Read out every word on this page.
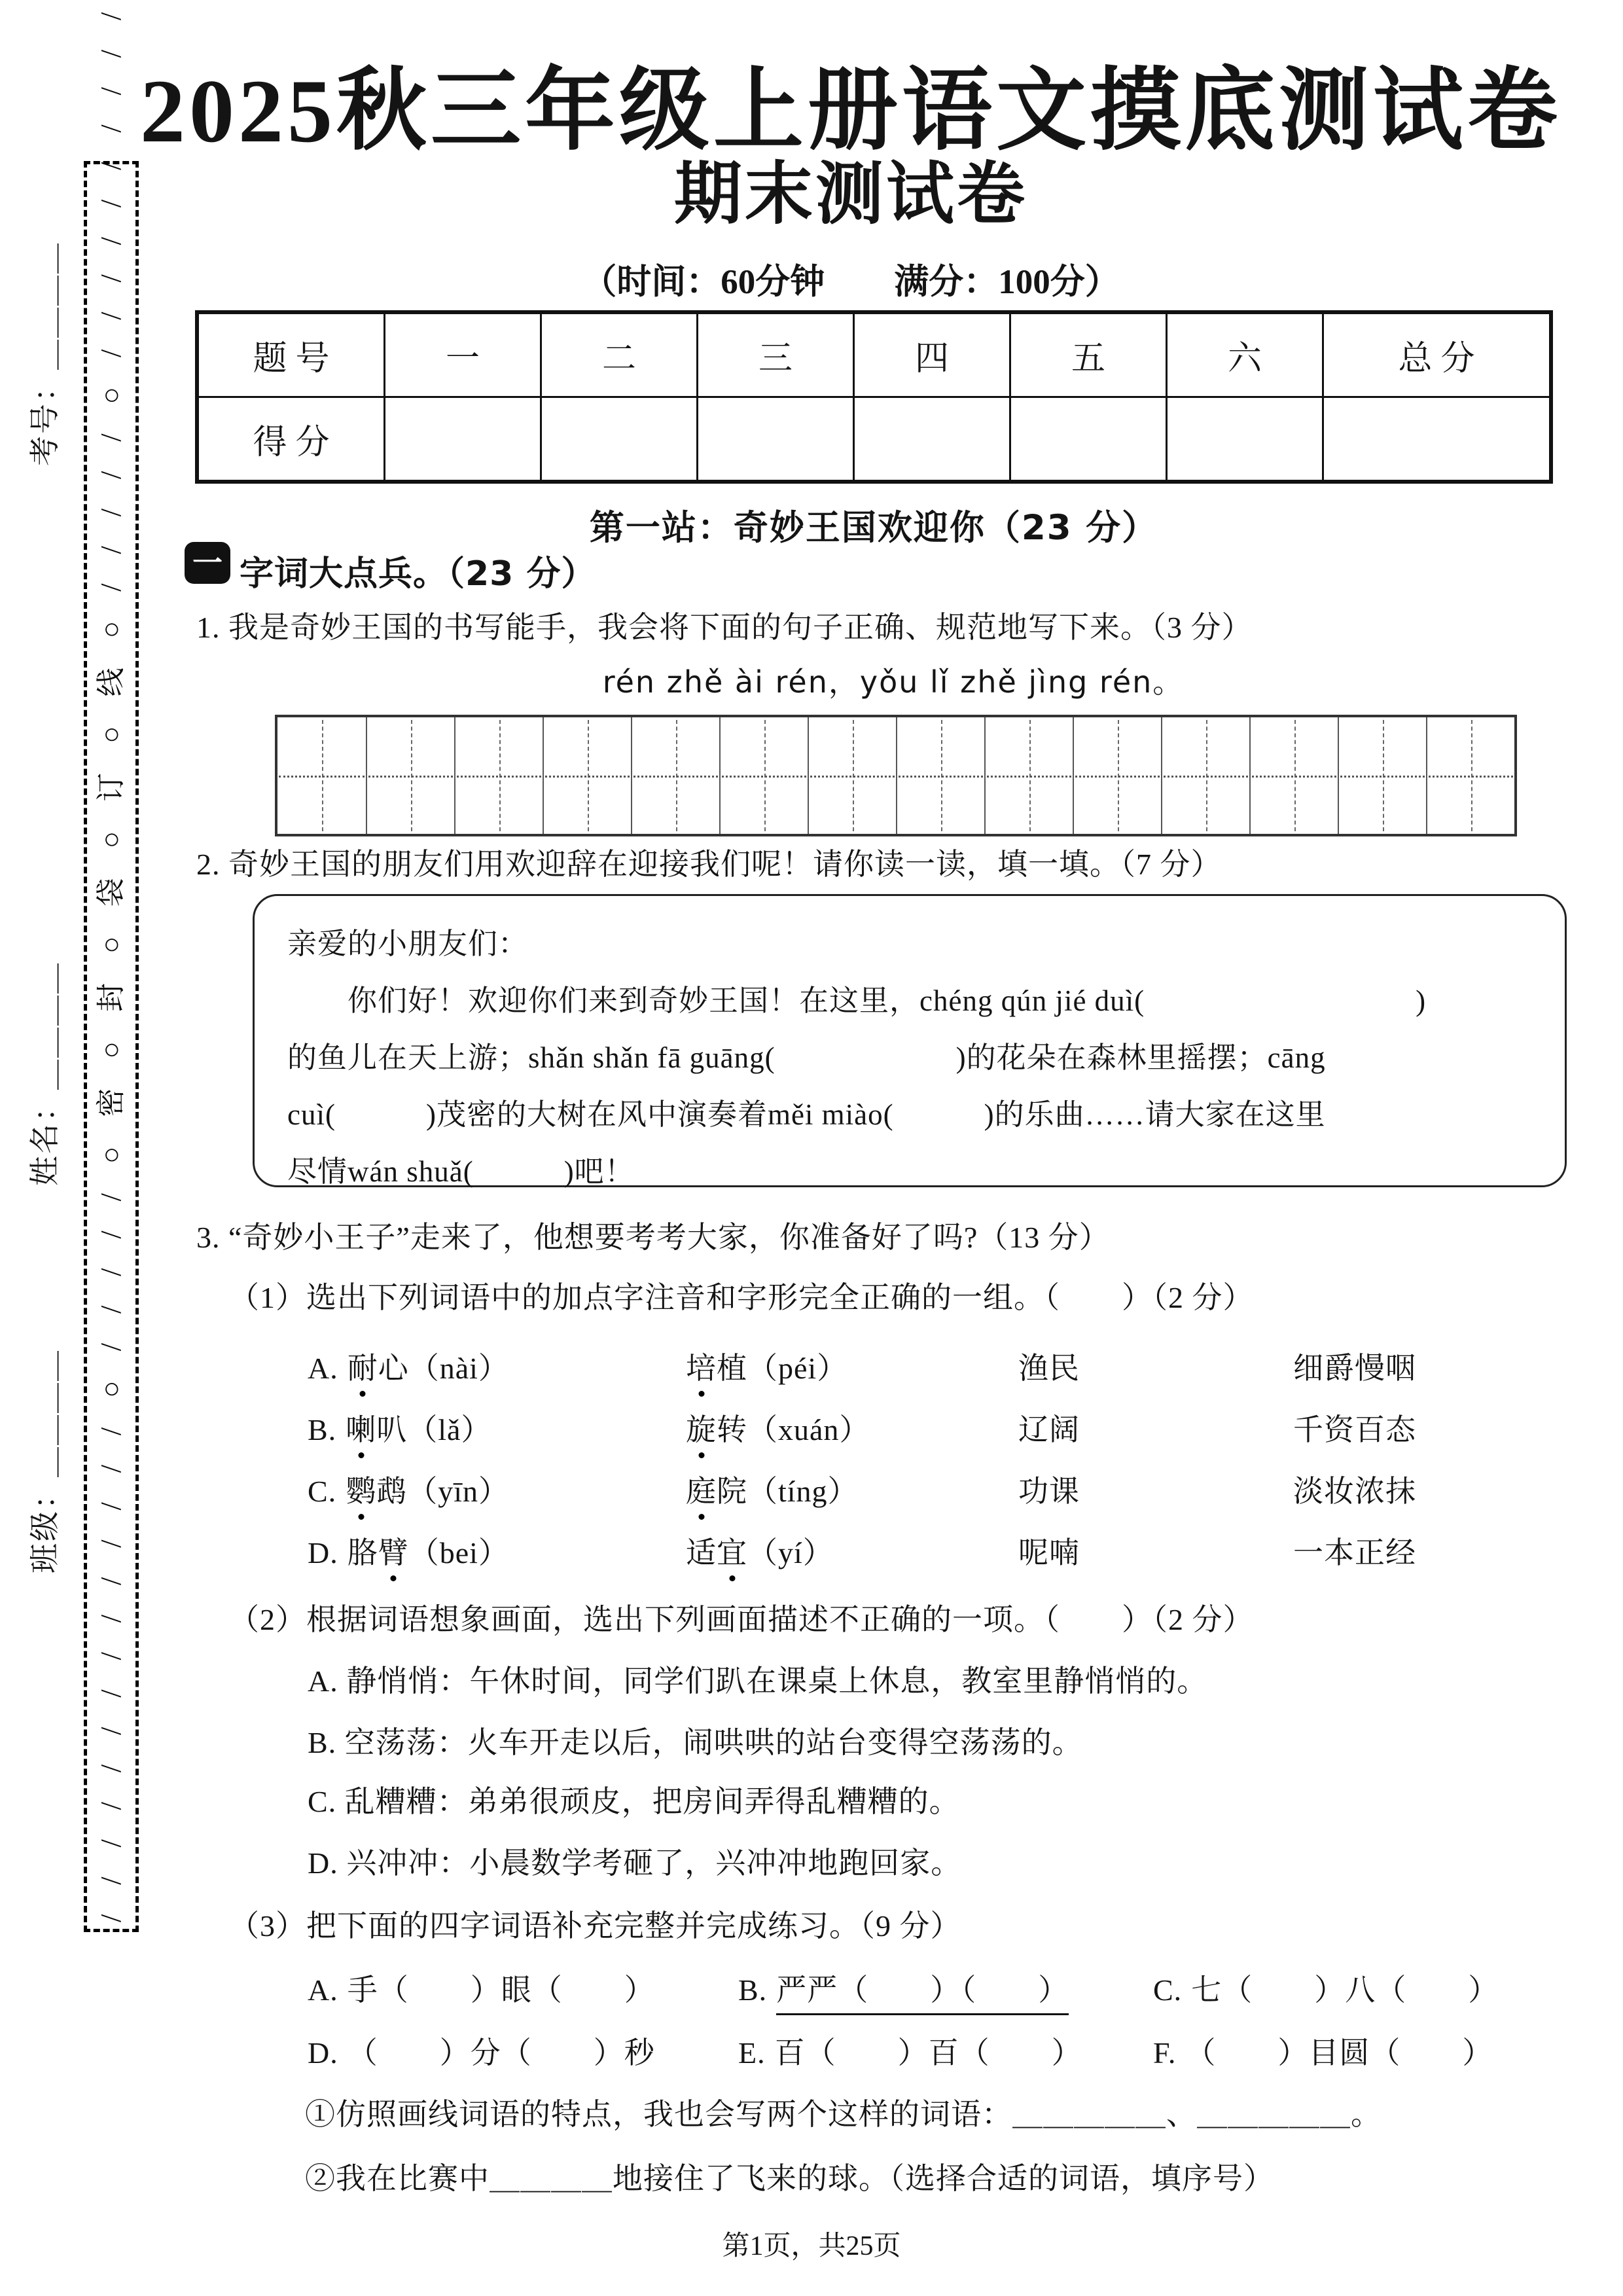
/ / / / / / / / / / / / / / ○ / / / / / ○ 密 ○ 封 ○ 袋 ○ 订 ○ 线 ○ / / / / / ○ / / / / / / / / / /
考号：＿＿＿＿
姓名：＿＿＿＿
班级：＿＿＿＿
2025秋三年级上册语文摸底测试卷
期末测试卷
（时间：60分钟　　满分：100分）
题 号	一	二	三	四	五	六	总 分
得 分							
第一站：奇妙王国欢迎你（23 分）
一 字词大点兵。（23 分）
1. 我是奇妙王国的书写能手，我会将下面的句子正确、规范地写下来。（3 分）
rén zhě ài rén，yǒu lǐ zhě jìng rén。
2. 奇妙王国的朋友们用欢迎辞在迎接我们呢！请你读一读，填一填。（7 分）
亲爱的小朋友们：
　　你们好！欢迎你们来到奇妙王国！在这里，chéng qún jié duì(　　　　　　　　　)
的鱼儿在天上游；shǎn shǎn fā guāng(　　　　　　)的花朵在森林里摇摆；cāng
cuì(　　　)茂密的大树在风中演奏着měi miào(　　　)的乐曲……请大家在这里
尽情wán shuǎ(　　　)吧！
3. “奇妙小王子”走来了，他想要考考大家，你准备好了吗?（13 分）
（1）选出下列词语中的加点字注音和字形完全正确的一组。（　　）（2 分）
A. 耐心（nài）	培植（péi）	渔民	细爵慢咽
B. 喇叭（lǎ）	旋转（xuán）	辽阔	千资百态
C. 鹦鹉（yīn）	庭院（tíng）	功课	淡妆浓抹
D. 胳臂（bei）	适宜（yí）	呢喃	一本正经
（2）根据词语想象画面，选出下列画面描述不正确的一项。（　　）（2 分）
A. 静悄悄：午休时间，同学们趴在课桌上休息，教室里静悄悄的。
B. 空荡荡：火车开走以后，闹哄哄的站台变得空荡荡的。
C. 乱糟糟：弟弟很顽皮，把房间弄得乱糟糟的。
D. 兴冲冲：小晨数学考砸了，兴冲冲地跑回家。
（3）把下面的四字词语补充完整并完成练习。（9 分）
A. 手（　　）眼（　　）	B. 严严（　　）（　　）	C. 七（　　）八（　　）
D. （　　）分（　　）秒	E. 百（　　）百（　　） F. （　　）目圆（　　）
①仿照画线词语的特点，我也会写两个这样的词语：＿＿＿＿＿、＿＿＿＿＿。
②我在比赛中＿＿＿＿地接住了飞来的球。（选择合适的词语，填序号）
第1页，共25页
